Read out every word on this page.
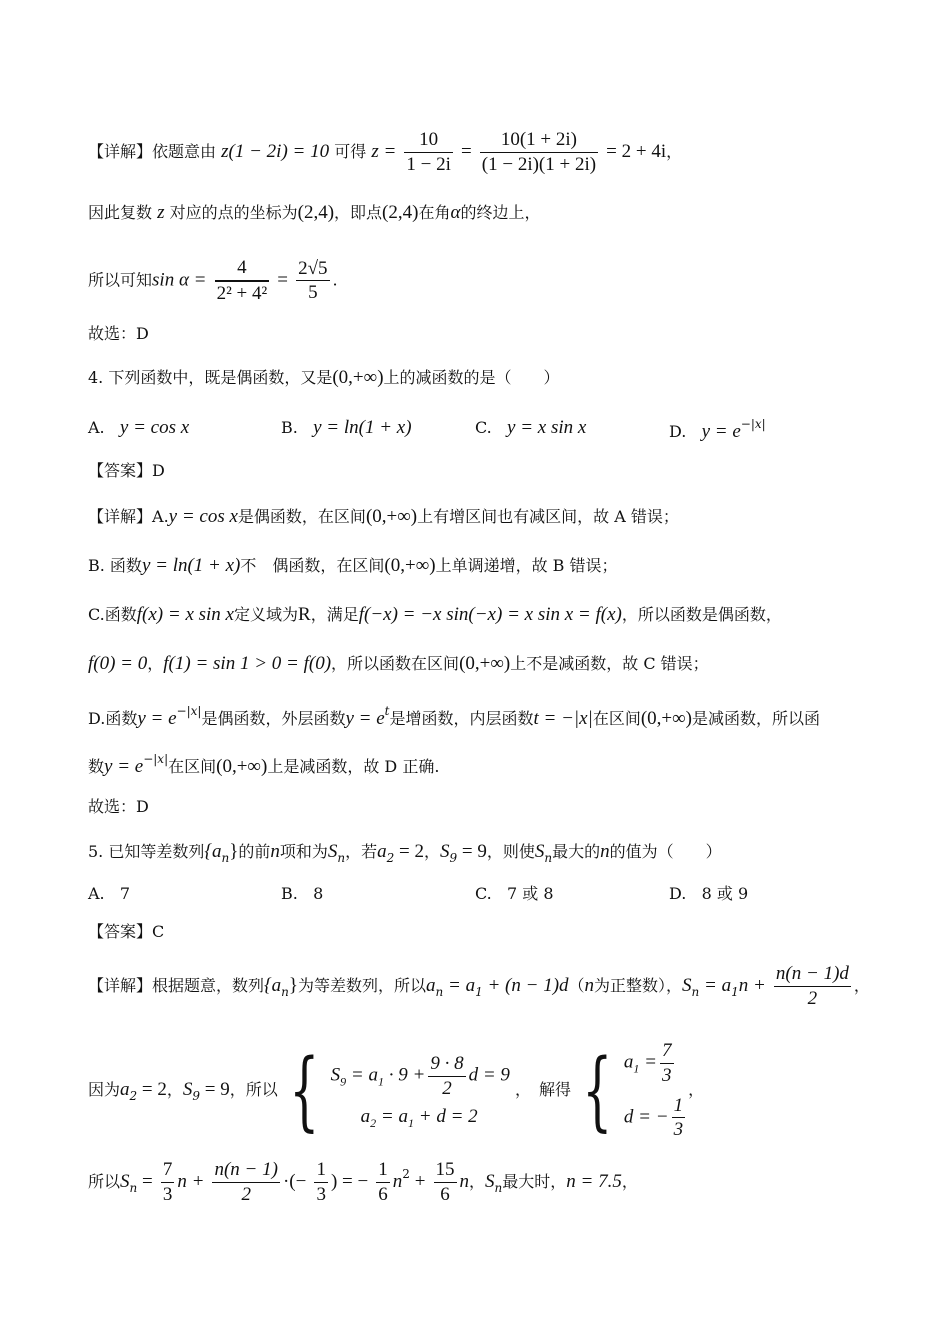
【详解】依题意由 z(1 − 2i) = 10 可得 $z = \frac{10}{1 - 2i} = \frac{10(1 + 2i)}{(1 - 2i)(1 + 2i)} = 2 + 4i$，
因此复数 z 对应的点的坐标为(2,4)，即点(2,4)在角α的终边上，
所以可知$\sin \alpha = \frac{4}{\text{2² + 4²}} = \frac{2√5}{5}$ .
故选：D
4. 下列函数中，既是偶函数，又是(0,+∞)上的减函数的是（　　）
A. y = cos x	B. y = ln(1 + x)	C. y = x sin x	D. $y = e^{-|x|}$
【答案】D
【详解】A.y = cos x是偶函数，在区间(0,+∞)上有增区间也有减区间，故 A 错误；
B. 函数y = ln(1 + x)不　偶函数，在区间(0,+∞)上单调递增，故 B 错误；
C.函数f(x) = x sin x定义域为R，满足f(−x) = −x sin(−x) = x sin x = f(x)，所以函数是偶函数，
f(0) = 0，f(1) = sin 1 > 0 = f(0)，所以函数在区间(0,+∞)上不是减函数，故 C 错误；
D.函数$y = e^{-|x|}$是偶函数，外层函数$y = e^t$是增函数，内层函数t = −|x|在区间(0,+∞)是减函数，所以函
数$y = e^{-|x|}$在区间(0,+∞)上是减函数，故 D 正确.
故选：D
5. 已知等差数列$\{a_n\}$的前n项和为$S_n$，若$a_2 = 2$，$S_9 = 9$，则使$S_n$最大的n的值为（　　）
A. 7	B. 8	C. 7 或 8	D. 8 或 9
【答案】C
【详解】根据题意，数列$\{a_n\}$为等差数列，所以$a_n = a_1 + (n - 1)d(n$为正整数），$S_n = a_1n + \frac{n(n - 1)d}{2}$ ，
因为$a_2 = 2$，$S_9 = 9$，所以 { $S_9 = a_1 \cdot 9 + \frac{9 \cdot 8}{2}$ d = 9
$a_2 = a_1 + d = 2$
，　解得 { $a_1 = \frac{7}{3}$
d = − $\frac{1}{3}$
，
所以$S_n = \frac{7}{3}$ $n + \frac{n(n - 1)}{2}$ ·(− $\frac{1}{3}$ ) = − $\frac{1}{6} n^2 + \frac{15}{6}$ n，$S_n$最大时，n = 7.5，
